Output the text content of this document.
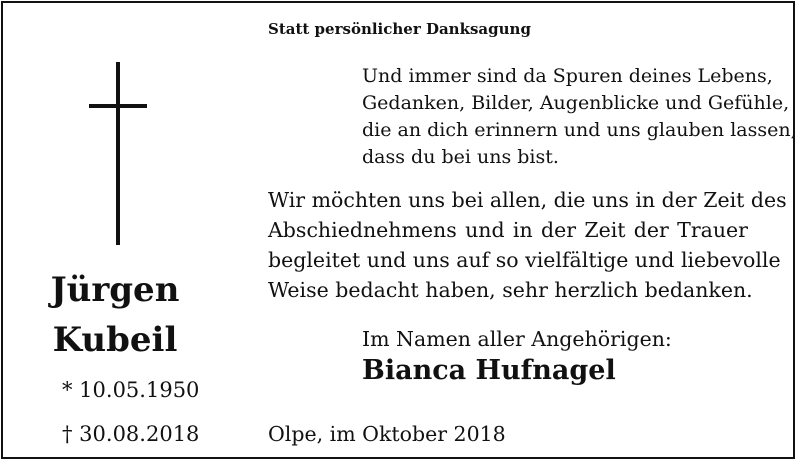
Jürgen
Kubeil
* 10.05.1950
† 30.08.2018
Statt persönlicher Danksagung
Und immer sind da Spuren deines Lebens,
Gedanken, Bilder, Augenblicke und Gefühle,
die an dich erinnern und uns glauben lassen,
dass du bei uns bist.
Wir möchten uns bei allen, die uns in der Zeit des
Abschiednehmens und in der Zeit der Trauer
begleitet und uns auf so vielfältige und liebevolle
Weise bedacht haben, sehr herzlich bedanken.
Im Namen aller Angehörigen:
Bianca Hufnagel
Olpe, im Oktober 2018
